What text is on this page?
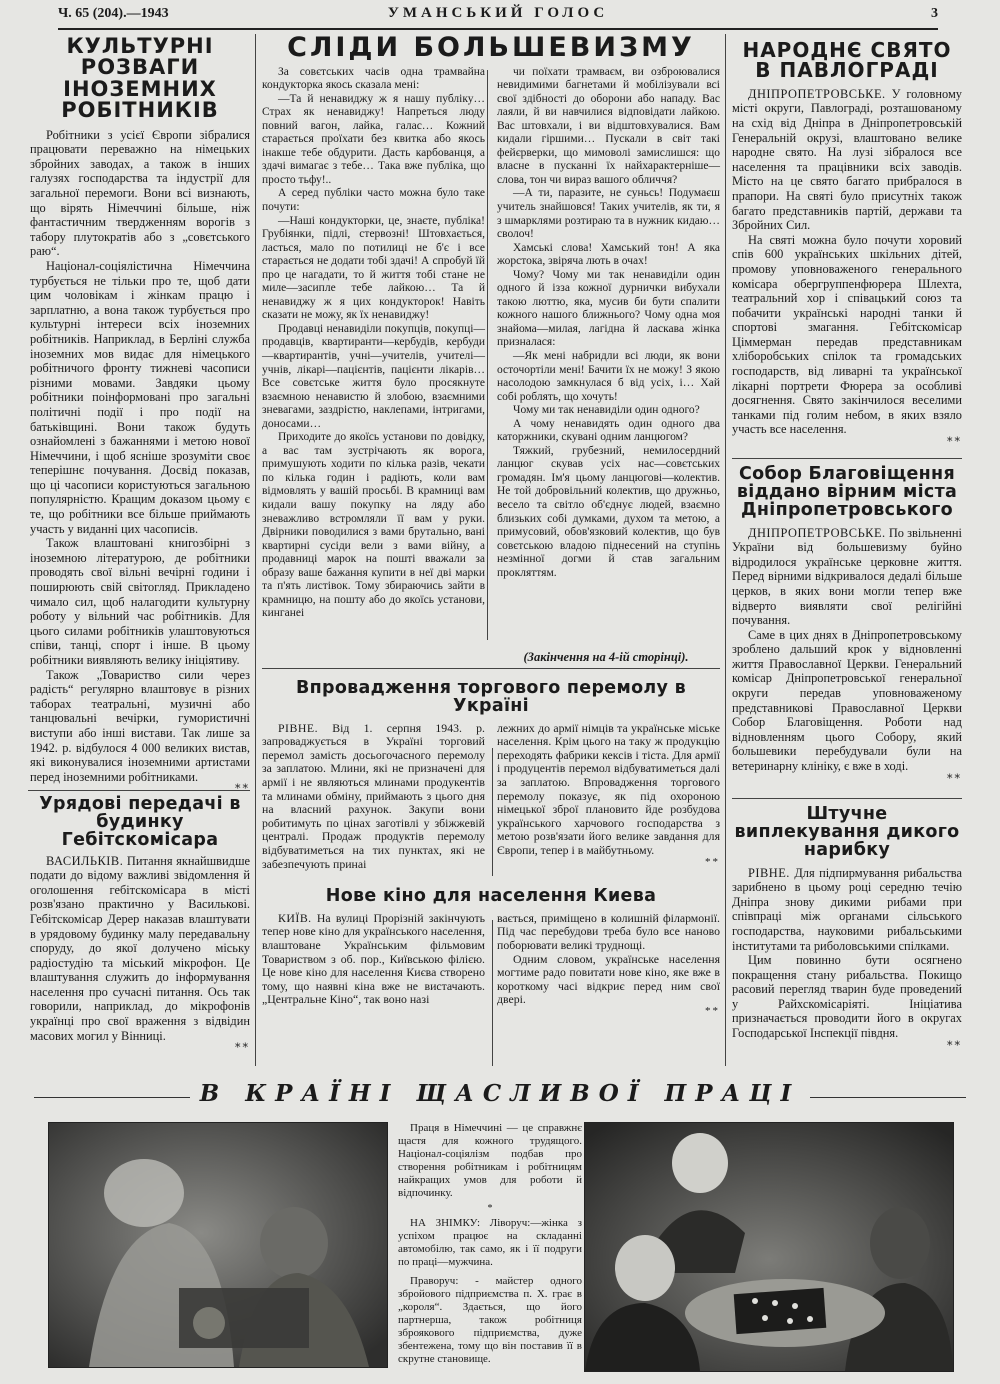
Ч. 65 (204).—1943	УМАНСЬКИЙ ГОЛОС	3
КУЛЬТУРНІ РОЗВАГИ ІНОЗЕМНИХ РОБІТНИКІВ

Робітники з усієї Європи зібралися працювати переважно на німецьких збройних заводах, а також в інших галузях господарства та індустрії для загальної перемоги. Вони всі визнають, що вірять Німеччині більше, ніж фантастичним твердженням ворогів з табору плутократів або з „совєтського раю“.

Націонал-соціялістична Німеччина турбується не тільки про те, щоб дати цим чоловікам і жінкам працю і зарплатню, а вона також турбується про культурні інтереси всіх іноземних робітників. Наприклад, в Берліні служба іноземних мов видає для німецького робітничого фронту тижневі часописи різними мовами. Завдяки цьому робітники поінформовані про загальні політичні події і про події на батьківщині. Вони також будуть ознайомлені з бажаннями і метою нової Німеччини, і щоб ясніше зрозуміти своє теперішнє почування. Досвід показав, що ці часописи користуються загальною популярністю. Кращим доказом цьому є те, що робітники все більше приймають участь у виданні цих часописів.

Також влаштовані книгозбірні з іноземною літературою, де робітники проводять свої вільні вечірні години і поширюють свій світогляд. Прикладено чимало сил, щоб налагодити культурну роботу у вільний час робітників. Для цього силами робітників улаштовуються співи, танці, спорт і інше. В цьому робітники виявляють велику ініціятиву.

Також „Товариство сили через радість“ регулярно влаштовує в різних таборах театральні, музичні або танцювальні вечірки, гумористичні виступи або інші вистави. Так лише за 1942. р. відбулося 4 000 великих вистав, які виконувалися іноземними артистами перед іноземними робітниками.

**
Урядові передачі в будинку Гебітскомісара

ВАСИЛЬКІВ. Питання якнайшвидше подати до відому важливі звідомлення й оголошення гебітскомісара в місті розв'язано практично у Василькові. Гебітскомісар Дерер наказав влаштувати в урядовому будинку малу передавальну споруду, до якої долучено міську радіостудію та міський мікрофон. Це влаштування служить до інформування населення про сучасні питання. Ось так говорили, наприклад, до мікрофонів українці про свої враження з відвідин масових могил у Вінниці.

**
СЛІДИ БОЛЬШЕВИЗМУ

За совєтських часів одна трамвайна кондукторка якось сказала мені:

—Та й ненавиджу ж я нашу публіку… Страх як ненавиджу! Напреться люду повний вагон, лайка, галас… Кожний старається проїхати без квитка або якось інакше тебе обдурити. Дасть карбованця, а здачі вимагає з тебе… Така вже публіка, що просто тьфу!..

А серед публіки часто можна було таке почути:

—Наші кондукторки, це, знаєте, публіка! Грубіянки, підлі, стервозні! Штовхається, ласться, мало по потилиці не б'є і все старається не додати тобі здачі! А спробуй їй про це нагадати, то й життя тобі стане не миле—засипле тебе лайкою… Та й ненавиджу ж я цих кондукторок! Навіть сказати не можу, як їх ненавиджу!

Продавці ненавиділи покупців, покупці—продавців, квартиранти—кербудів, кербуди—квартирантів, учні—учителів, учителі—учнів, лікарі—пацієнтів, пацієнти лікарів… Все совєтське життя було просякнуте взаємною ненавистю й злобою, взаємними зневагами, заздрістю, наклепами, інтригами, доносами…

Приходите до якоїсь установи по довідку, а вас там зустрічають як ворога, примушують ходити по кілька разів, чекати по кілька годин і радіють, коли вам відмовлять у вашій просьбі. В крамниці вам кидали вашу покупку на ляду або зневажливо встромляли її вам у руки. Двірники поводилися з вами брутально, вані квартирні сусіди вели з вами війну, а продавниці марок на пошті вважали за образу ваше бажання купити в неї дві марки та п'ять листівок. Тому збираючись зайти в крамницю, на пошту або до якоїсь установи, кинганеі

чи поїхати трамваєм, ви озброювалися невидимими багнетами й мобілізували всі свої здібності до оборони або нападу. Вас лаяли, й ви навчилися відповідати лайкою. Вас штовхали, і ви відштовхувалися. Вам кидали гіршими… Пускали в світ такі фейєрверки, що мимоволі замислишся: що власне в пусканні їх найхарактерніше—слова, тон чи вираз вашого обличчя?

—А ти, паразите, не суньсь! Подумаєш учитель знайшовся! Таких учителів, як ти, я з шмарклями розтираю та в нужник кидаю… сволоч!

Хамські слова! Хамський тон! А яка жорстока, звіряча лють в очах!

Чому? Чому ми так ненавиділи один одного й ізза кожної дурнички вибухали такою люттю, яка, мусив би бути спалити кожного нашого ближнього? Чому одна моя знайома—милая, лагідна й ласкава жінка призналася:

—Як мені набридли всі люди, як вони осточортіли мені! Бачити їх не можу! З якою насолодою замкнулася б від усіх, і… Хай собі роблять, що хочуть!

Чому ми так ненавиділи один одного?

А чому ненавидять один одного два каторжники, скувані одним ланцюгом?

Тяжкий, грубезний, немилосердний ланцюг скував усіх нас—совєтських громадян. Ім'я цьому ланцюгові—колектив. Не той добровільний колектив, що дружньо, весело та світло об'єднує людей, взаємно близьких собі думками, духом та метою, а примусовий, обов'язковий колектив, що був совєтською владою піднесений на ступінь незмінної догми й став загальним прокляттям.

(Закінчення на 4-ій сторінці).
Впровадження торгового перемолу в Україні

РІВНЕ. Від 1. серпня 1943. р. запроваджується в Україні торговий перемол замість досьогочасного перемолу за заплатою. Млини, які не призначені для армії і не являються млинами продукентів та млинами обміну, приймають з цього дня на власний рахунок. Закупи вони робитимуть по цінах заготівлі у збіжжевій централі. Продаж продуктів перемолу відбуватиметься на тих пунктах, які не забезпечують принаі

лежних до армії німців та українське міське населення. Крім цього на таку ж продукцію переходять фабрики кексів і тіста. Для армії і продуцентів перемол відбуватиметься далі за заплатою. Впровадження торгового перемолу показує, як під охороною німецької зброї плановито йде розбудова українського харчового господарства з метою розв'язати його велике завдання для Європи, тепер і в майбутньому.

**
Нове кіно для населення Киева

КИЇВ. На вулиці Прорізній закінчують тепер нове кіно для українського населення, влаштоване Українським фільмовим Товариством з об. пор., Київською філією. Це нове кіно для населення Києва створено тому, що наявні кіна вже не вистачають. „Центральне Кіно“, так воно назі

вається, приміщено в колишній філармонії. Під час перебудови треба було все наново поборювати великі труднощі.

Одним словом, українське населення могтиме радо повитати нове кіно, яке вже в короткому часі відкриє перед ним свої двері.

**
НАРОДНЄ СВЯТО В ПАВЛОГРАДІ

ДНІПРОПЕТРОВСЬКЕ. У головному місті округи, Павлограді, розташованому на схід від Дніпра в Дніпропетровській Генеральній окрузі, влаштовано велике народне свято. На лузі зібралося все населення та працівники всіх заводів. Місто на це свято багато прибралося в прапори. На святі було присутніх також багато представників партій, держави та Збройних Сил.

На святі можна було почути хоровий спів 600 українських шкільних дітей, промову уповноваженого генерального комісара обергруппенфюрера Шлехта, театральний хор і співацький союз та побачити українські народні танки й спортові змагання. Гебітскомісар Ціммерман передав представникам хліборобських спілок та громадських господарств, від ливарні та української лікарні портрети Фюрера за особливі досягнення. Свято закінчилося веселими танками під голим небом, в яких взяло участь все населення.

**
Собор Благовіщення віддано вірним міста Дніпропетровського

ДНІПРОПЕТРОВСЬКЕ. По звільненні України від большевизму буйно відродилося українське церковне життя. Перед вірними відкривалося дедалі більше церков, в яких вони могли тепер вже відверто виявляти свої релігійні почування.

Саме в цих днях в Дніпропетровському зроблено дальший крок у відновленні життя Православної Церкви. Генеральний комісар Дніпропетровської генеральної округи передав уповноваженому представникові Православної Церкви Собор Благовіщення. Роботи над відновленням цього Собору, який большевики перебудували були на ветеринарну клініку, є вже в ході.

**
Штучне виплекування дикого нарибку

РІВНЕ. Для підпирмування рибальства зарибнено в цьому році середню течію Дніпра знову дикими рибами при співпраці між органами сільського господарства, науковими рибальськими інститутами та риболовськими спілками.

Цим повинно бути осягнено покращення стану рибальства. Покищо расовий перегляд тварин буде проведений у Райхскомісаріяті. Ініціатива призначається проводити його в округах Господарської Інспекції півдня.

**
В КРАЇНІ ЩАСЛИВОЇ ПРАЦІ

Праця в Німеччині — це справжнє щастя для кожного трудящого. Націонал-соціялізм подбав про створення робітникам і робітницям найкращих умов для роботи й відпочинку.

*

НА ЗНІМКУ: Ліворуч:—жінка з успіхом працює на складанні автомобілю, так само, як і її подруги по праці—мужчина.

Праворуч: - майстер одного збройового підприємства п. Х. грає в „короля“. Здається, що його партнерша, також робітниця зброякового підприємства, дуже збентежена, тому що він поставив її в скрутне становище.
